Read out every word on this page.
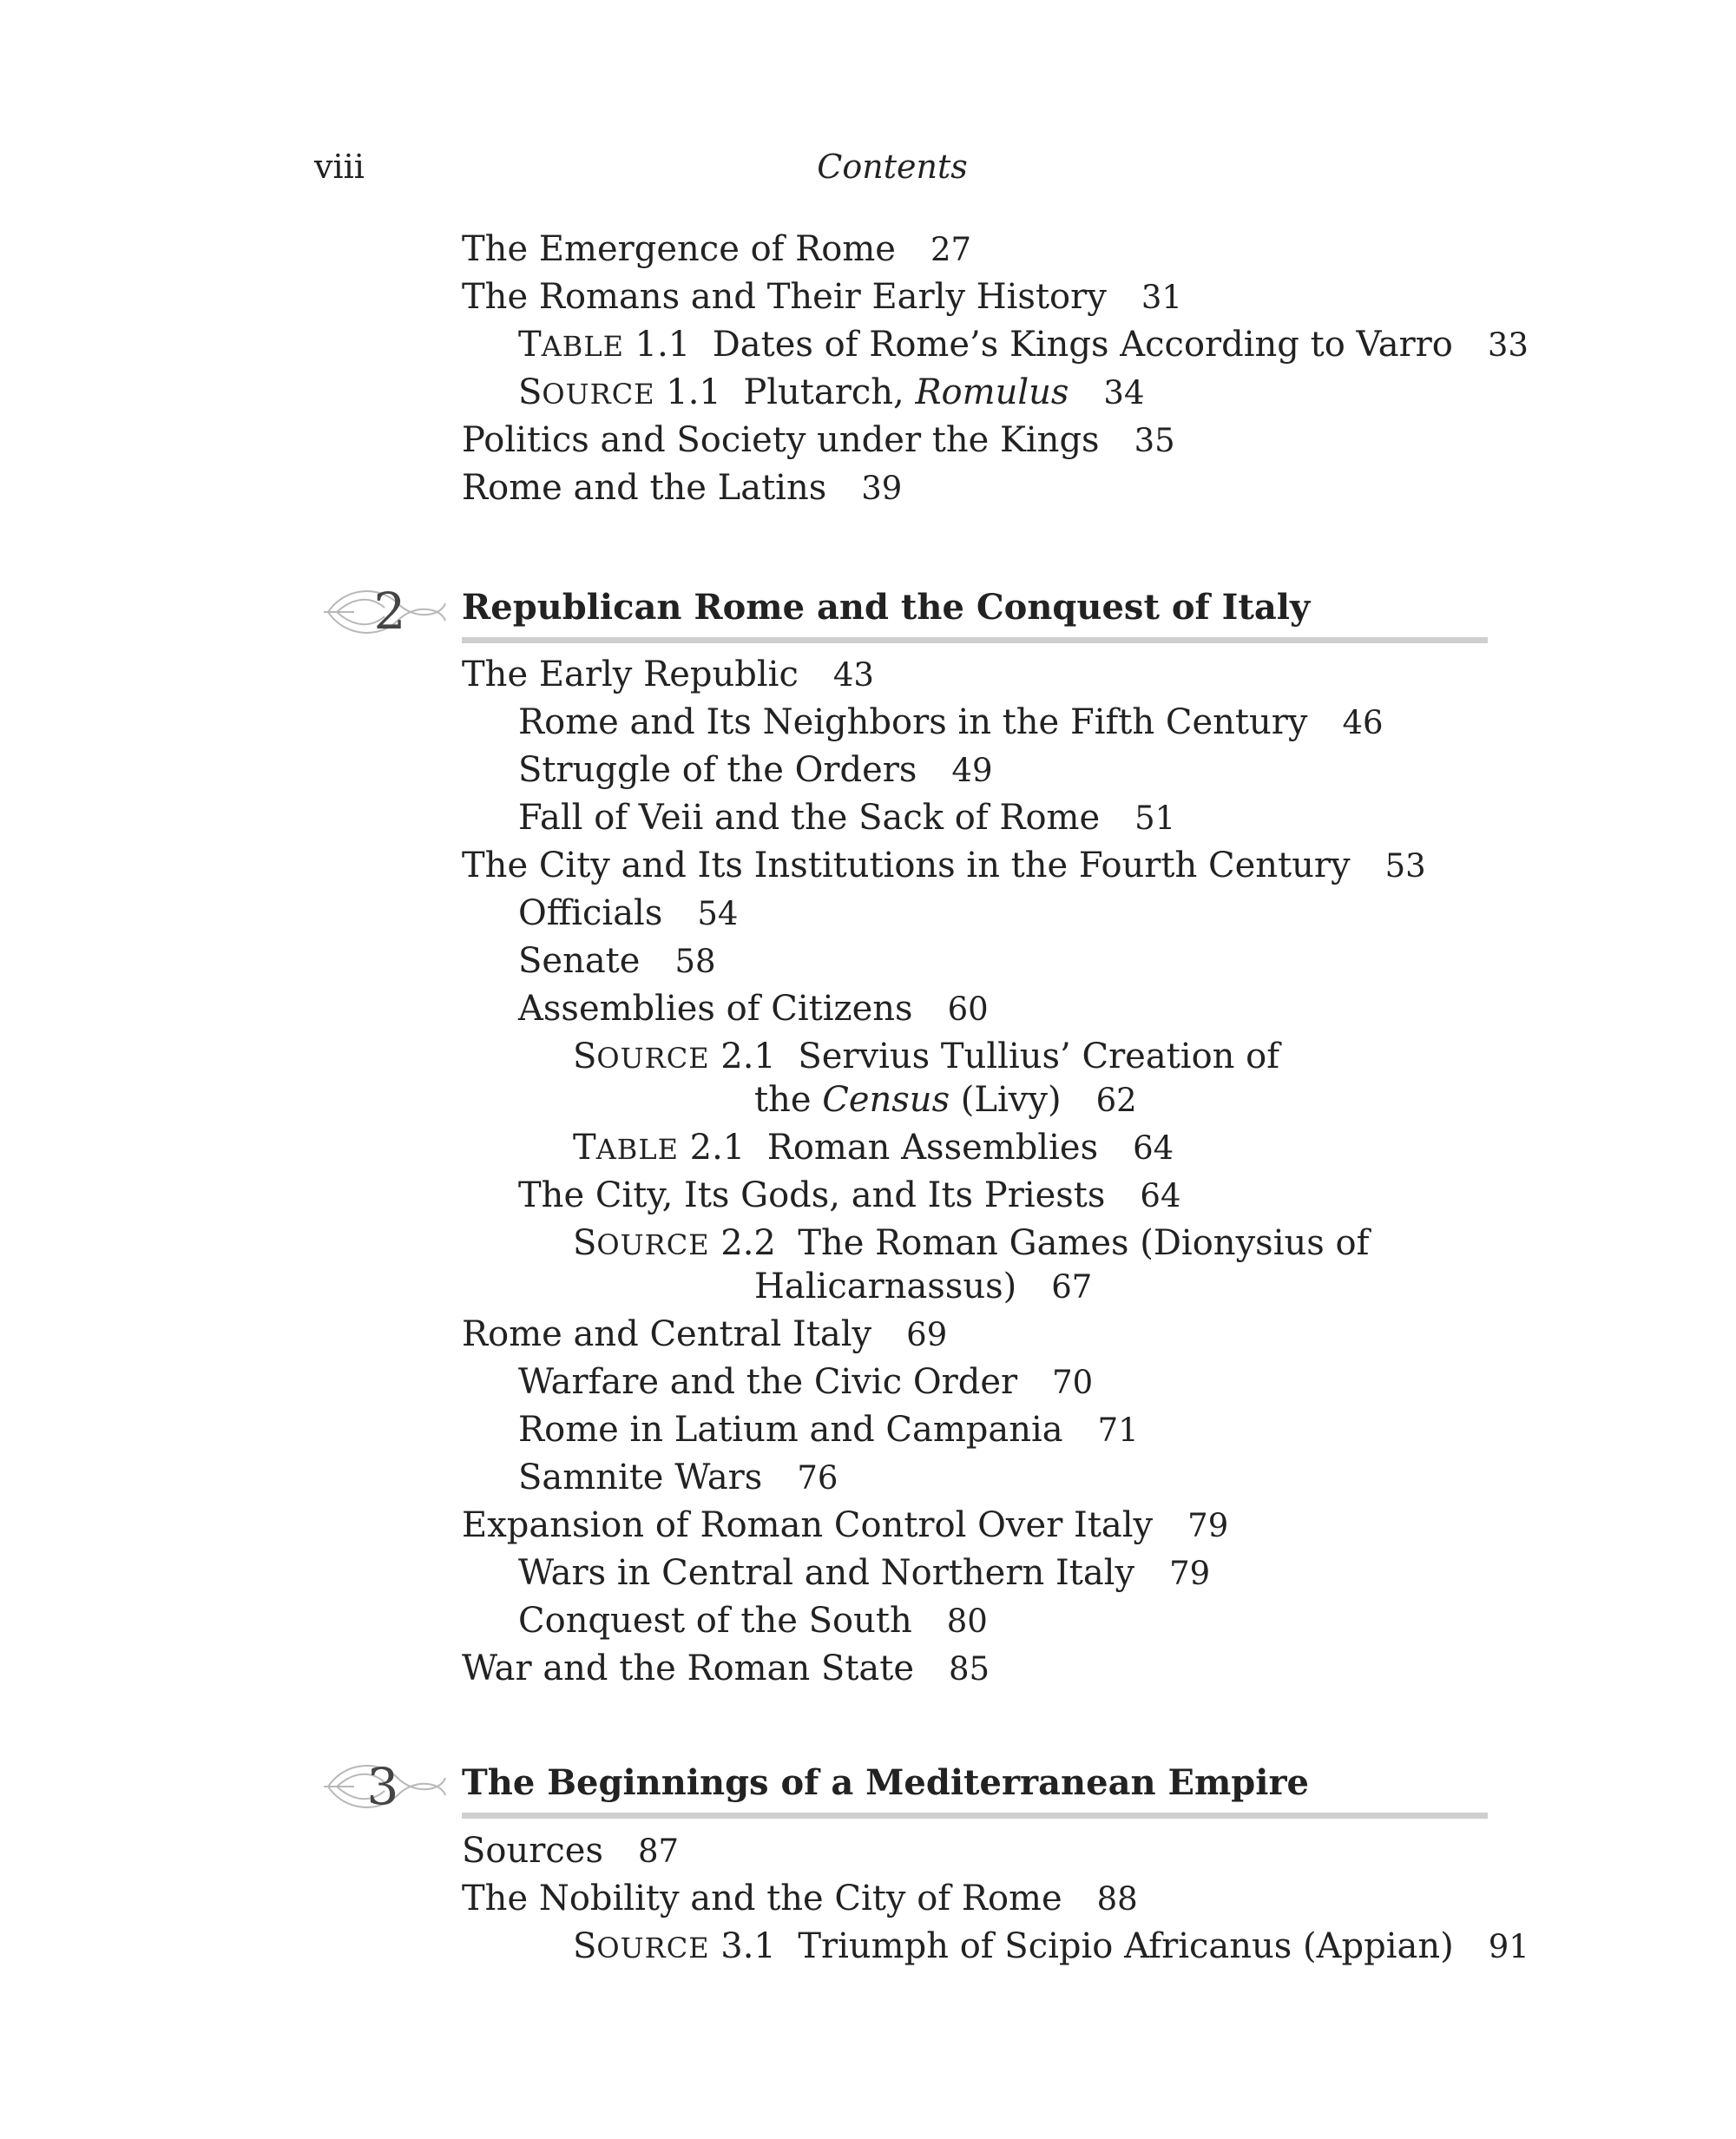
viii	Contents
The Emergence of Rome 27
The Romans and Their Early History 31
TABLE 1.1 Dates of Rome’s Kings According to Varro 33
SOURCE 1.1 Plutarch, Romulus 34
Politics and Society under the Kings 35
Rome and the Latins 39
2	Republican Rome and the Conquest of Italy
The Early Republic 43
Rome and Its Neighbors in the Fifth Century 46
Struggle of the Orders 49
Fall of Veii and the Sack of Rome 51
The City and Its Institutions in the Fourth Century 53
Officials 54
Senate 58
Assemblies of Citizens 60
SOURCE 2.1 Servius Tullius’ Creation of
the Census (Livy) 62
TABLE 2.1 Roman Assemblies 64
The City, Its Gods, and Its Priests 64
SOURCE 2.2 The Roman Games (Dionysius of
Halicarnassus) 67
Rome and Central Italy 69
Warfare and the Civic Order 70
Rome in Latium and Campania 71
Samnite Wars 76
Expansion of Roman Control Over Italy 79
Wars in Central and Northern Italy 79
Conquest of the South 80
War and the Roman State 85
3	The Beginnings of a Mediterranean Empire
Sources 87
The Nobility and the City of Rome 88
SOURCE 3.1 Triumph of Scipio Africanus (Appian) 91
